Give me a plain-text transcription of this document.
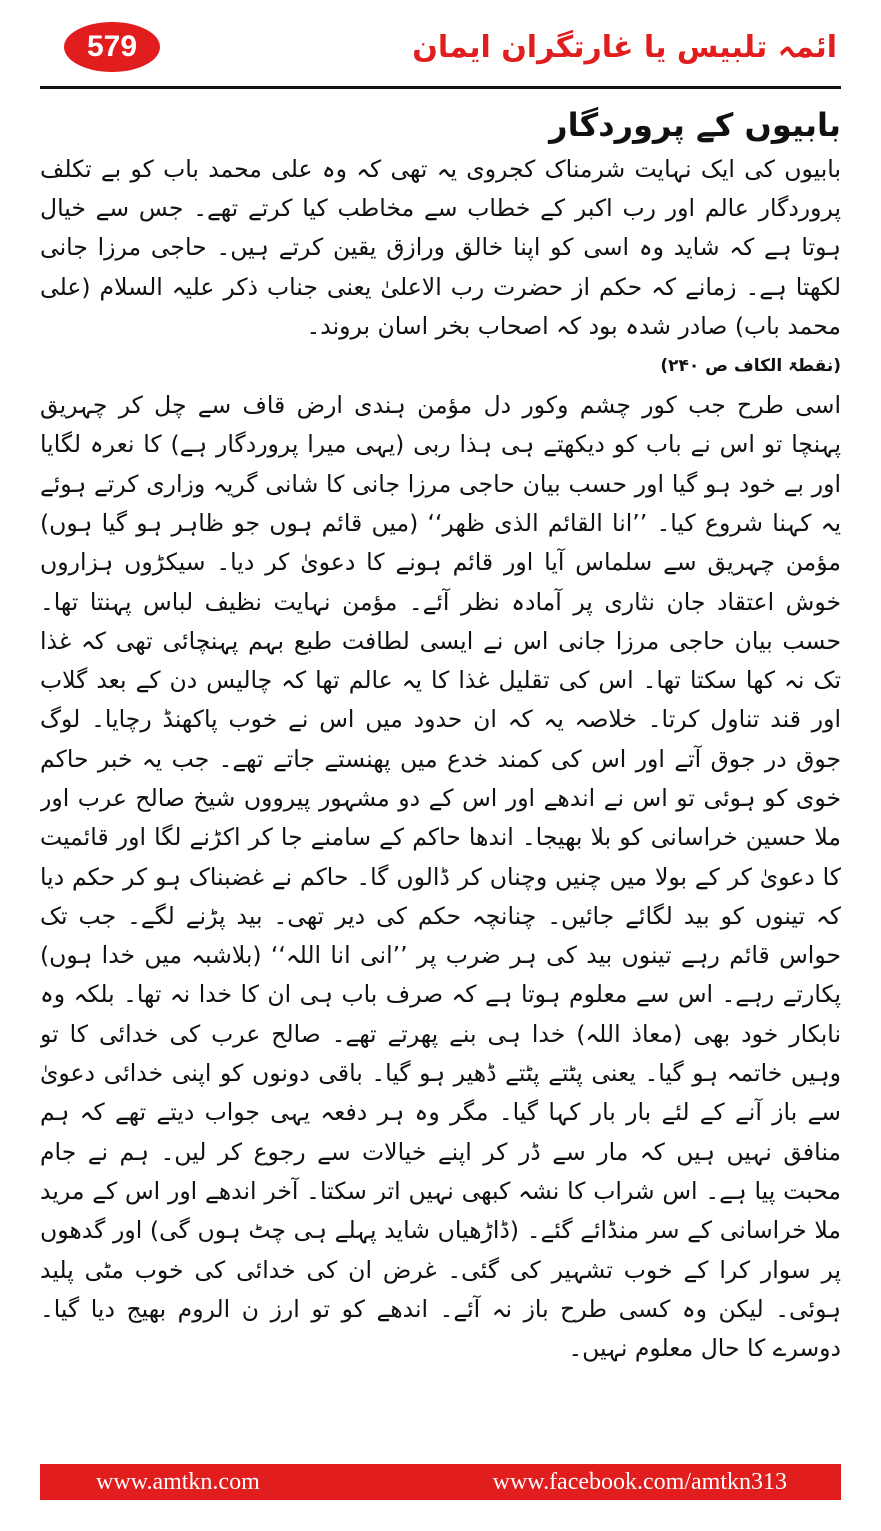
579	ائمہ تلبیس یا غارتگران ایمان
بابیوں کے پروردگار

بابیوں کی ایک نہایت شرمناک کجروی یہ تھی کہ وہ علی محمد باب کو بے تکلف پروردگار عالم اور رب اکبر کے خطاب سے مخاطب کیا کرتے تھے۔ جس سے خیال ہوتا ہے کہ شاید وہ اسی کو اپنا خالق ورازق یقین کرتے ہیں۔ حاجی مرزا جانی لکھتا ہے۔ زمانے کہ حکم از حضرت رب الاعلیٰ یعنی جناب ذکر علیہ السلام (علی محمد باب) صادر شدہ بود کہ اصحاب بخر اسان بروند۔

(نقطۃ الکاف ص ۲۴۰)

اسی طرح جب کور چشم وکور دل مؤمن ہندی ارض قاف سے چل کر چہریق پہنچا تو اس نے باب کو دیکھتے ہی ہذا ربی (یہی میرا پروردگار ہے) کا نعرہ لگایا اور بے خود ہو گیا اور حسب بیان حاجی مرزا جانی کا شانی گریہ وزاری کرتے ہوئے یہ کہنا شروع کیا۔ ’’انا القائم الذی ظھر‘‘ (میں قائم ہوں جو ظاہر ہو گیا ہوں) مؤمن چہریق سے سلماس آیا اور قائم ہونے کا دعویٰ کر دیا۔ سیکڑوں ہزاروں خوش اعتقاد جان نثاری پر آمادہ نظر آئے۔ مؤمن نہایت نظیف لباس پہنتا تھا۔ حسب بیان حاجی مرزا جانی اس نے ایسی لطافت طبع بہم پہنچائی تھی کہ غذا تک نہ کھا سکتا تھا۔ اس کی تقلیل غذا کا یہ عالم تھا کہ چالیس دن کے بعد گلاب اور قند تناول کرتا۔ خلاصہ یہ کہ ان حدود میں اس نے خوب پاکھنڈ رچایا۔ لوگ جوق در جوق آتے اور اس کی کمند خدع میں پھنستے جاتے تھے۔ جب یہ خبر حاکم خوی کو ہوئی تو اس نے اندھے اور اس کے دو مشہور پیرووں شیخ صالح عرب اور ملا حسین خراسانی کو بلا بھیجا۔ اندھا حاکم کے سامنے جا کر اکڑنے لگا اور قائمیت کا دعویٰ کر کے بولا میں چنیں وچناں کر ڈالوں گا۔ حاکم نے غضبناک ہو کر حکم دیا کہ تینوں کو بید لگائے جائیں۔ چنانچہ حکم کی دیر تھی۔ بید پڑنے لگے۔ جب تک حواس قائم رہے تینوں بید کی ہر ضرب پر ’’انی انا اللہ‘‘ (بلاشبہ میں خدا ہوں) پکارتے رہے۔ اس سے معلوم ہوتا ہے کہ صرف باب ہی ان کا خدا نہ تھا۔ بلکہ وہ نابکار خود بھی (معاذ اللہ) خدا ہی بنے پھرتے تھے۔ صالح عرب کی خدائی کا تو وہیں خاتمہ ہو گیا۔ یعنی پٹتے پٹتے ڈھیر ہو گیا۔ باقی دونوں کو اپنی خدائی دعویٰ سے باز آنے کے لئے بار بار کہا گیا۔ مگر وہ ہر دفعہ یہی جواب دیتے تھے کہ ہم منافق نہیں ہیں کہ مار سے ڈر کر اپنے خیالات سے رجوع کر لیں۔ ہم نے جام محبت پیا ہے۔ اس شراب کا نشہ کبھی نہیں اتر سکتا۔ آخر اندھے اور اس کے مرید ملا خراسانی کے سر منڈائے گئے۔ (ڈاڑھیاں شاید پہلے ہی چٹ ہوں گی) اور گدھوں پر سوار کرا کے خوب تشہیر کی گئی۔ غرض ان کی خدائی کی خوب مٹی پلید ہوئی۔ لیکن وہ کسی طرح باز نہ آئے۔ اندھے کو تو ارز ن الروم بھیج دیا گیا۔ دوسرے کا حال معلوم نہیں۔

www.amtkn.com	www.facebook.com/amtkn313
